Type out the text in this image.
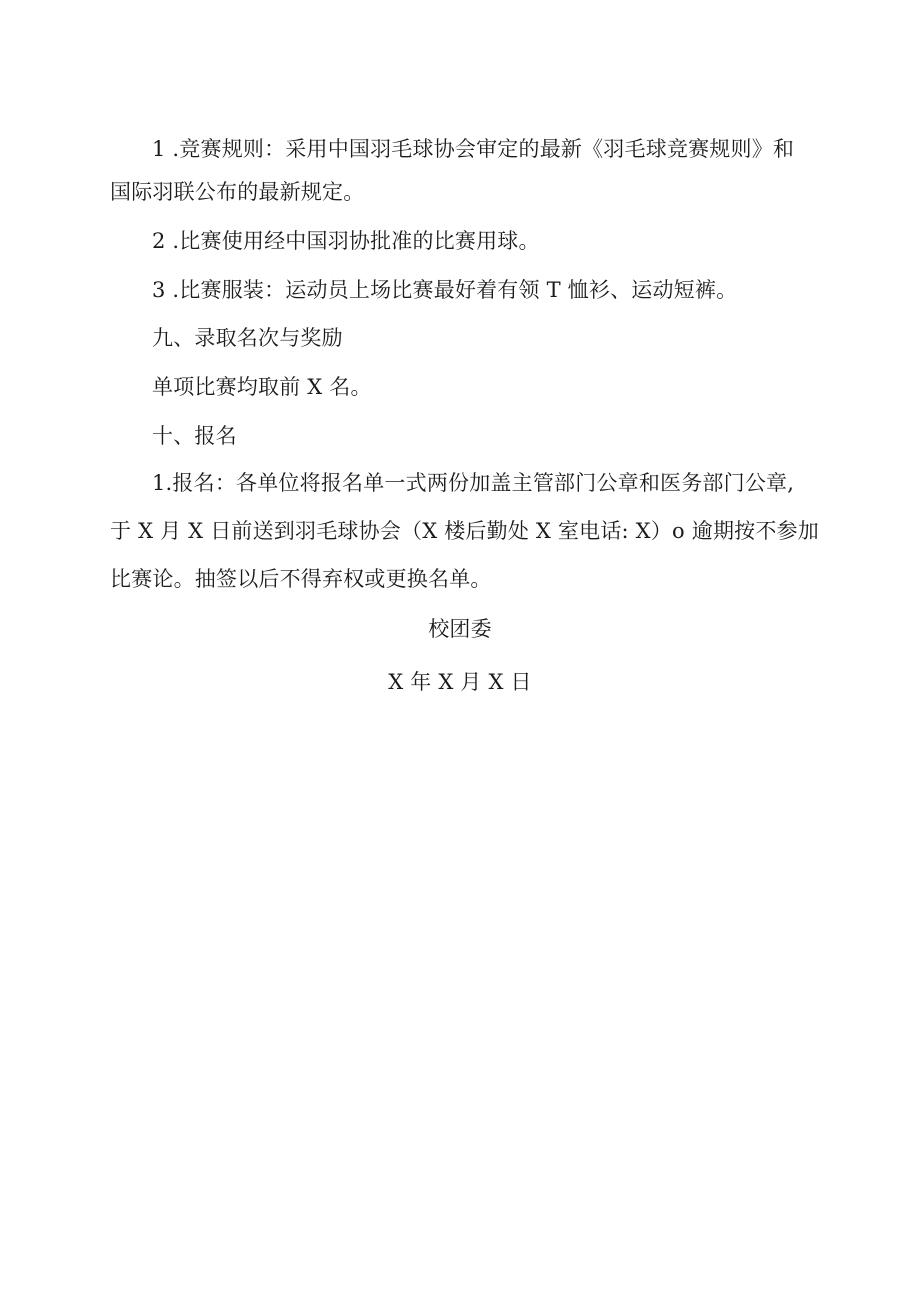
1 .竞赛规则：采用中国羽毛球协会审定的最新《羽毛球竞赛规则》和
国际羽联公布的最新规定。
2 .比赛使用经中国羽协批准的比赛用球。
3 .比赛服装：运动员上场比赛最好着有领 T 恤衫、运动短裤。
九、录取名次与奖励
单项比赛均取前 X 名。
十、报名
1.报名：各单位将报名单一式两份加盖主管部门公章和医务部门公章,
于 X 月 X 日前送到羽毛球协会（X 楼后勤处 X 室电话: X）o 逾期按不参加
比赛论。抽签以后不得弃权或更换名单。
校团委
X 年 X 月 X 日
